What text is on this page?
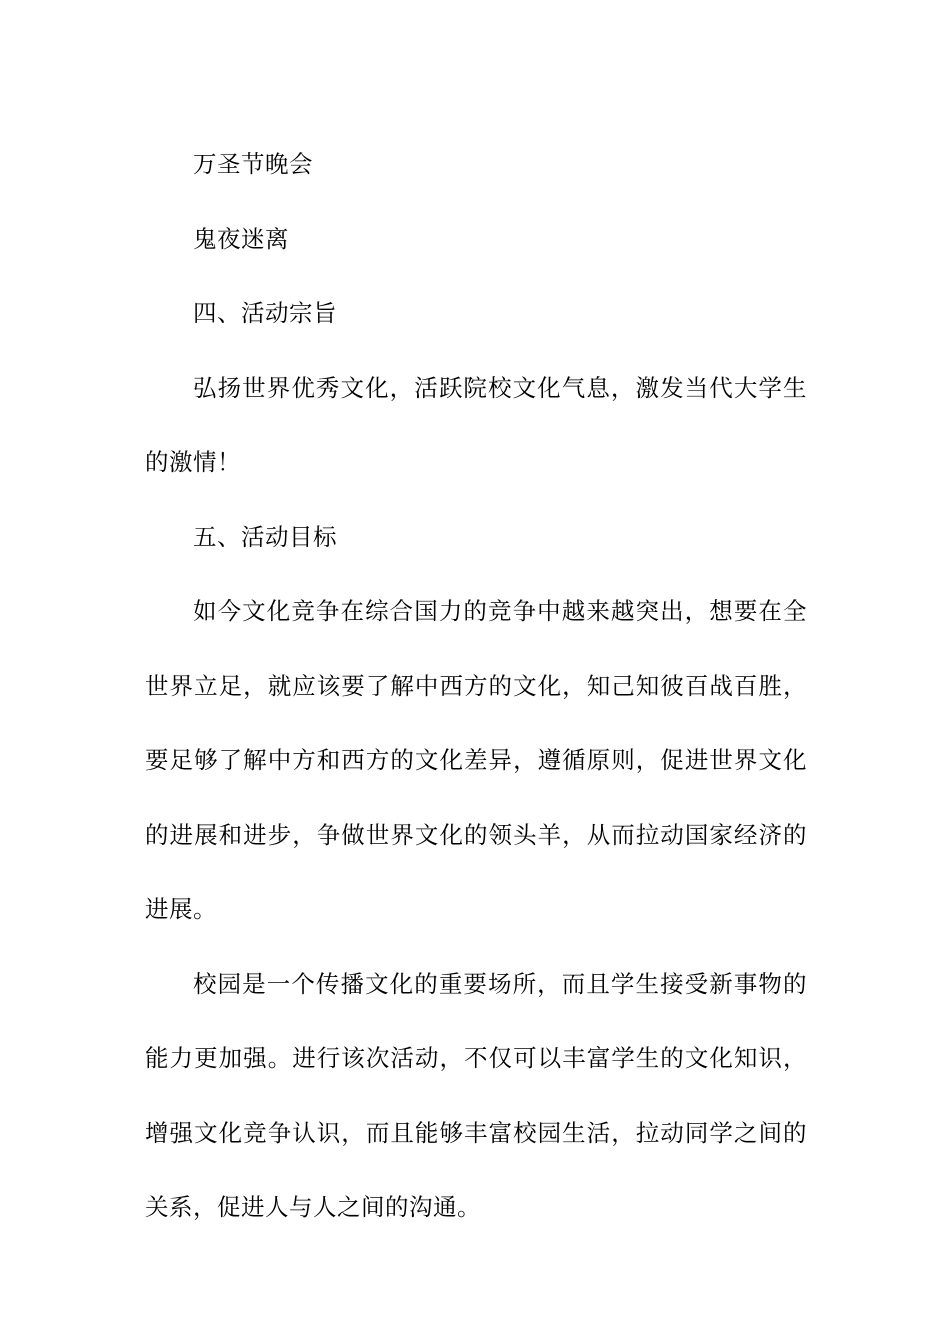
万圣节晚会

鬼夜迷离

四、活动宗旨

弘扬世界优秀文化，活跃院校文化气息，激发当代大学生的激情！

五、活动目标

如今文化竞争在综合国力的竞争中越来越突出，想要在全世界立足，就应该要了解中西方的文化，知己知彼百战百胜，要足够了解中方和西方的文化差异，遵循原则，促进世界文化的进展和进步，争做世界文化的领头羊，从而拉动国家经济的进展。

校园是一个传播文化的重要场所，而且学生接受新事物的能力更加强。进行该次活动，不仅可以丰富学生的文化知识，增强文化竞争认识，而且能够丰富校园生活，拉动同学之间的关系，促进人与人之间的沟通。
